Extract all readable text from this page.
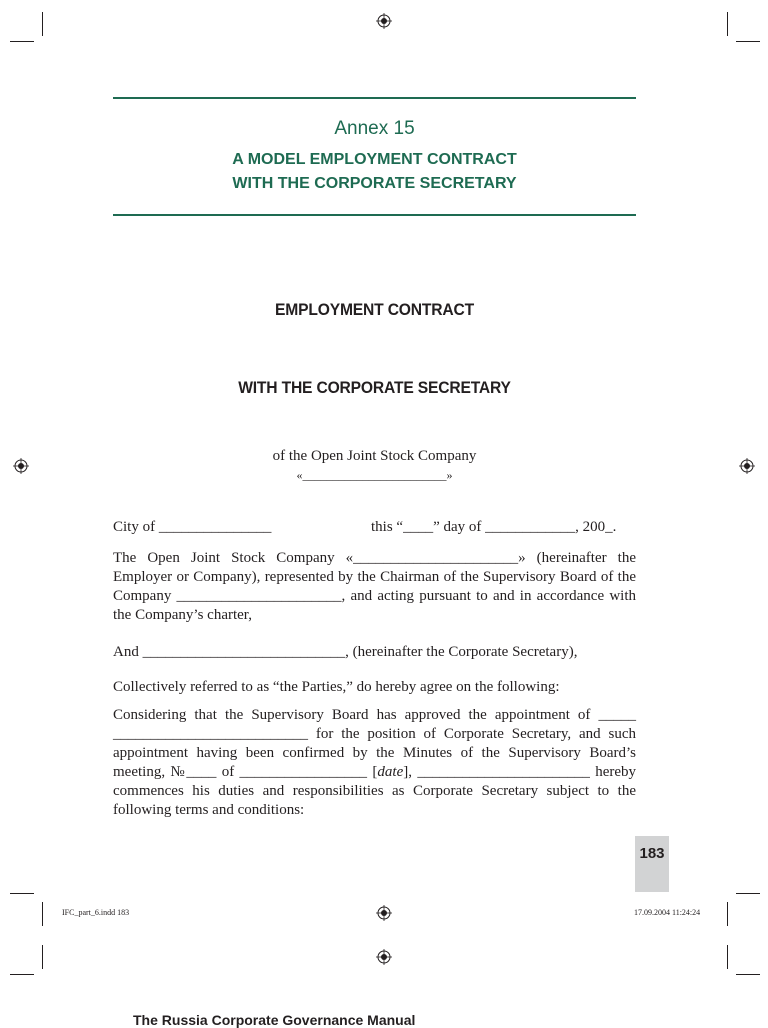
Annex 15
A MODEL EMPLOYMENT CONTRACT
WITH THE CORPORATE SECRETARY
EMPLOYMENT CONTRACT
WITH THE CORPORATE SECRETARY
of the Open Joint Stock Company
«________________________»
City of _______________	this “____” day of ____________, 200_.
The Open Joint Stock Company «______________________» (hereinafter the Employer or Company), represented by the Chairman of the Supervisory Board of the Company ______________________, and acting pursuant to and in accordance with the Company’s charter,
And ___________________________, (hereinafter the Corporate Secretary),
Collectively referred to as “the Parties,” do hereby agree on the following:
Considering that the Supervisory Board has approved the appointment of _____ __________________________ for the position of Corporate Secretary, and such appointment having been confirmed by the Minutes of the Supervisory Board’s meeting, №____ of _________________ [date], _______________________ hereby commences his duties and responsibilities as Corporate Secretary subject to the following terms and conditions:
183
IFC_part_6.indd 183	17.09.2004 11:24:24
The Russia Corporate Governance Manual
